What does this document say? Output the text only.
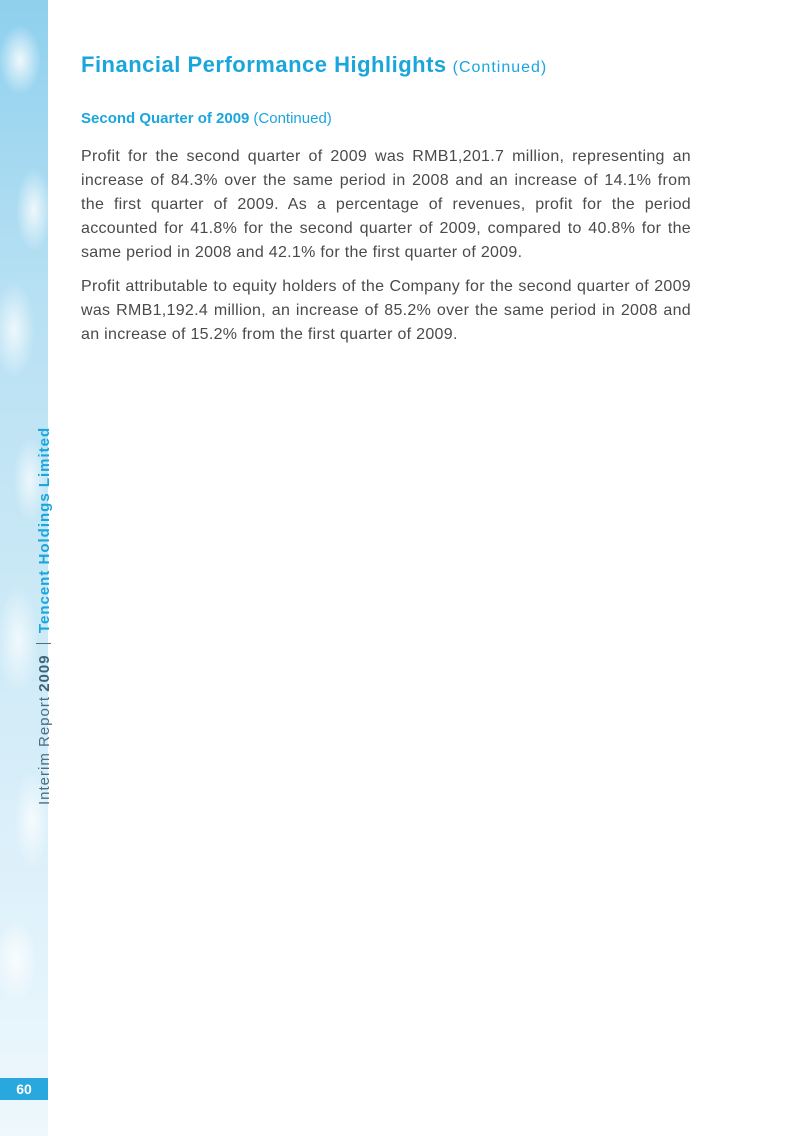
Interim Report 2009  Tencent Holdings Limited
60
Financial Performance Highlights (Continued)
Second Quarter of 2009 (Continued)

Profit for the second quarter of 2009 was RMB1,201.7 million, representing an increase of 84.3% over the same period in 2008 and an increase of 14.1% from the first quarter of 2009. As a percentage of revenues, profit for the period accounted for 41.8% for the second quarter of 2009, compared to 40.8% for the same period in 2008 and 42.1% for the first quarter of 2009.

Profit attributable to equity holders of the Company for the second quarter of 2009 was RMB1,192.4 million, an increase of 85.2% over the same period in 2008 and an increase of 15.2% from the first quarter of 2009.
